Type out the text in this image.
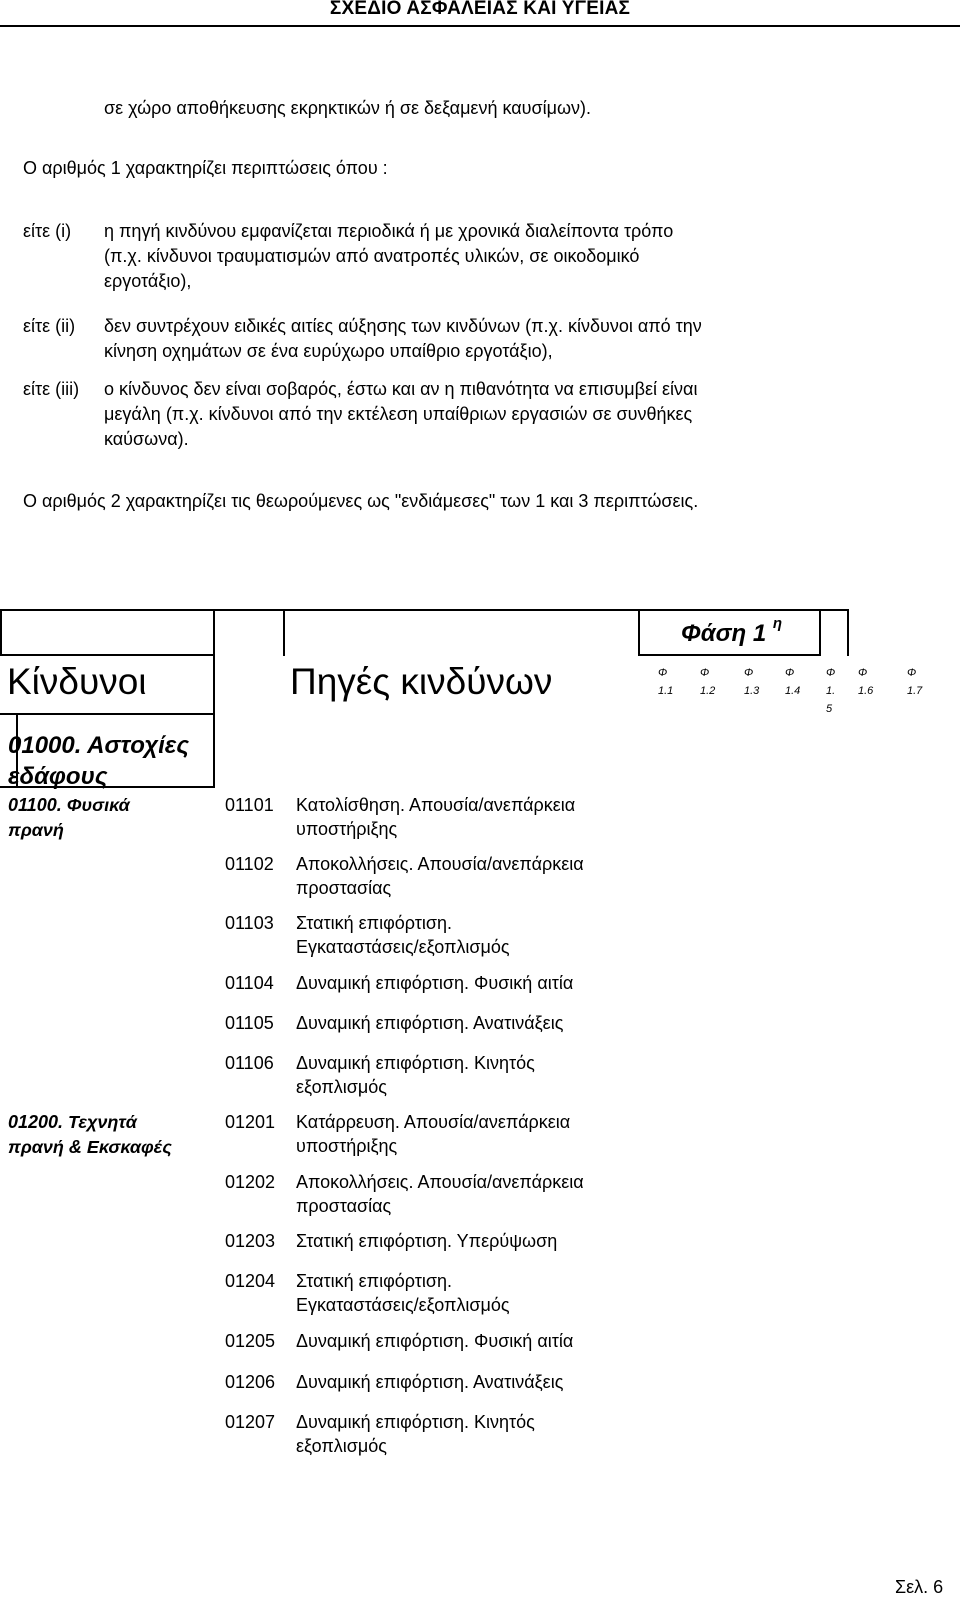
ΣΧΕΔΙΟ ΑΣΦΑΛΕΙΑΣ ΚΑΙ ΥΓΕΙΑΣ
σε χώρο αποθήκευσης εκρηκτικών ή σε δεξαμενή καυσίμων).
Ο αριθμός 1 χαρακτηρίζει περιπτώσεις όπου :
είτε (i) η πηγή κινδύνου εμφανίζεται περιοδικά ή με χρονικά διαλείποντα τρόπο
(π.χ. κίνδυνοι τραυματισμών από ανατροπές υλικών, σε οικοδομικό
εργοτάξιο),
είτε (ii) δεν συντρέχουν ειδικές αιτίες αύξησης των κινδύνων (π.χ. κίνδυνοι από την
κίνηση οχημάτων σε ένα ευρύχωρο υπαίθριο εργοτάξιο),
είτε (iii) ο κίνδυνος δεν είναι σοβαρός, έστω και αν η πιθανότητα να επισυμβεί είναι
μεγάλη (π.χ. κίνδυνοι από την εκτέλεση υπαίθριων εργασιών σε συνθήκες
καύσωνα).
Ο αριθμός 2 χαρακτηρίζει τις θεωρούμενες ως "ενδιάμεσες" των 1 και 3 περιπτώσεις.
Κίνδυνοι	Πηγές κινδύνων
Φάση 1 $^\eta$
Φ
1.1
Φ
1.2
Φ
1.3
Φ
1.4
Φ
1.
5
Φ
1.6
Φ
1.7
01000. Αστοχίες
εδάφους
01100. Φυσικά
πρανή
01101 Κατολίσθηση. Απουσία/ανεπάρκεια
υποστήριξης
01102 Αποκολλήσεις. Απουσία/ανεπάρκεια
προστασίας
01103 Στατική επιφόρτιση.
Εγκαταστάσεις/εξοπλισμός
01104 Δυναμική επιφόρτιση. Φυσική αιτία
01105 Δυναμική επιφόρτιση. Ανατινάξεις
01106 Δυναμική επιφόρτιση. Κινητός
εξοπλισμός
01200. Τεχνητά
πρανή & Εκσκαφές
01201 Κατάρρευση. Απουσία/ανεπάρκεια
υποστήριξης
01202 Αποκολλήσεις. Απουσία/ανεπάρκεια
προστασίας
01203 Στατική επιφόρτιση. Υπερύψωση
01204 Στατική επιφόρτιση.
Εγκαταστάσεις/εξοπλισμός
01205 Δυναμική επιφόρτιση. Φυσική αιτία
01206 Δυναμική επιφόρτιση. Ανατινάξεις
01207 Δυναμική επιφόρτιση. Κινητός
εξοπλισμός
Σελ. 6
